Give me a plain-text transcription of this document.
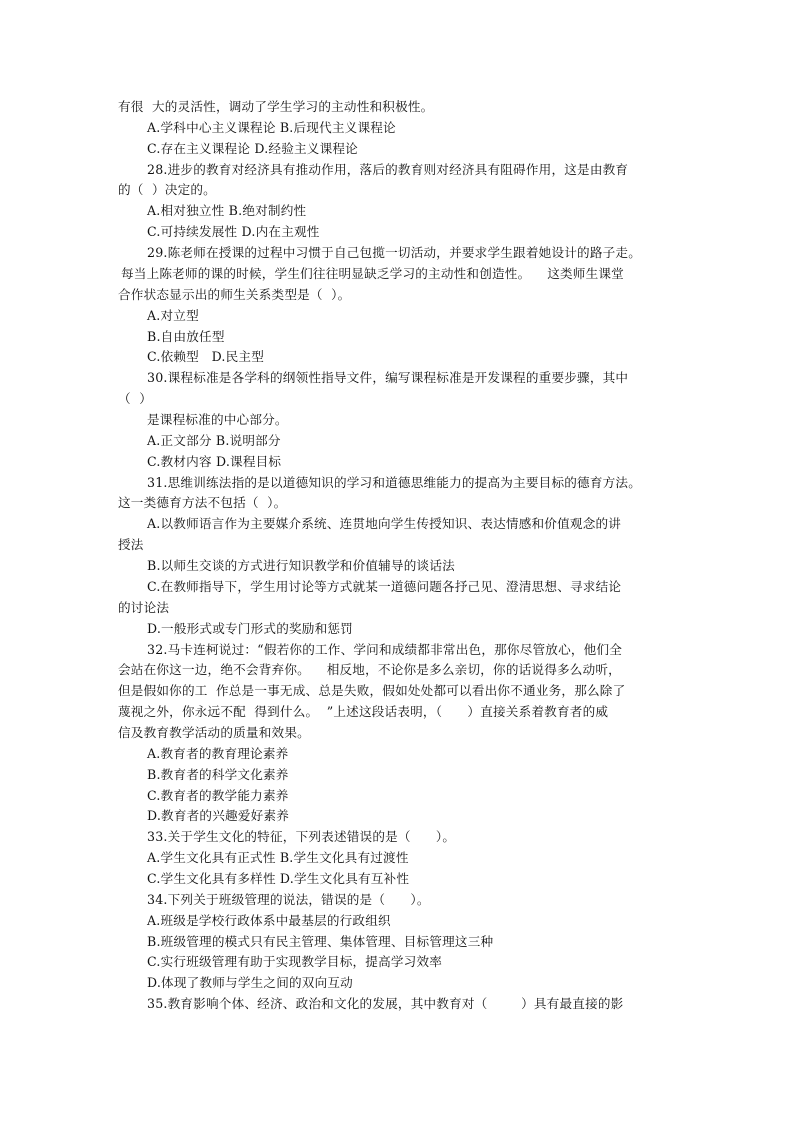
有很  大的灵活性，调动了学生学习的主动性和积极性。
A.学科中心主义课程论 B.后现代主义课程论
C.存在主义课程论 D.经验主义课程论
28.进步的教育对经济具有推动作用，落后的教育则对经济具有阻碍作用，这是由教育
的（  ）决定的。
A.相对独立性 B.绝对制约性
C.可持续发展性 D.内在主观性
29.陈老师在授课的过程中习惯于自己包揽一切活动，并要求学生跟着她设计的路子走。
每当上陈老师的课的时候，学生们往往明显缺乏学习的主动性和创造性。    这类师生课堂
合作状态显示出的师生关系类型是（  ）。
A.对立型
B.自由放任型
C.依赖型   D.民主型
30.课程标准是各学科的纲领性指导文件，编写课程标准是开发课程的重要步骤，其中
（  ）
是课程标准的中心部分。
A.正文部分 B.说明部分
C.教材内容 D.课程目标
31.思维训练法指的是以道德知识的学习和道德思维能力的提高为主要目标的德育方法。
这一类德育方法不包括（  ）。
A.以教师语言作为主要媒介系统、连贯地向学生传授知识、表达情感和价值观念的讲
授法
B.以师生交谈的方式进行知识教学和价值辅导的谈话法
C.在教师指导下，学生用讨论等方式就某一道德问题各抒己见、澄清思想、寻求结论
的讨论法
D.一般形式或专门形式的奖励和惩罚
32.马卡连柯说过：“假若你的工作、学问和成绩都非常出色，那你尽管放心，他们全
会站在你这一边，绝不会背弃你。    相反地，不论你是多么亲切，你的话说得多么动听，
但是假如你的工  作总是一事无成、总是失败，假如处处都可以看出你不通业务，那么除了
蔑视之外，你永远不配  得到什么。  ”上述这段话表明，（      ）直接关系着教育者的威
信及教育教学活动的质量和效果。
A.教育者的教育理论素养
B.教育者的科学文化素养
C.教育者的教学能力素养
D.教育者的兴趣爱好素养
33.关于学生文化的特征，下列表述错误的是（      ）。
A.学生文化具有正式性 B.学生文化具有过渡性
C.学生文化具有多样性 D.学生文化具有互补性
34.下列关于班级管理的说法，错误的是（      ）。
A.班级是学校行政体系中最基层的行政组织
B.班级管理的模式只有民主管理、集体管理、目标管理这三种
C.实行班级管理有助于实现教学目标，提高学习效率
D.体现了教师与学生之间的双向互动
35.教育影响个体、经济、政治和文化的发展，其中教育对（        ）具有最直接的影
